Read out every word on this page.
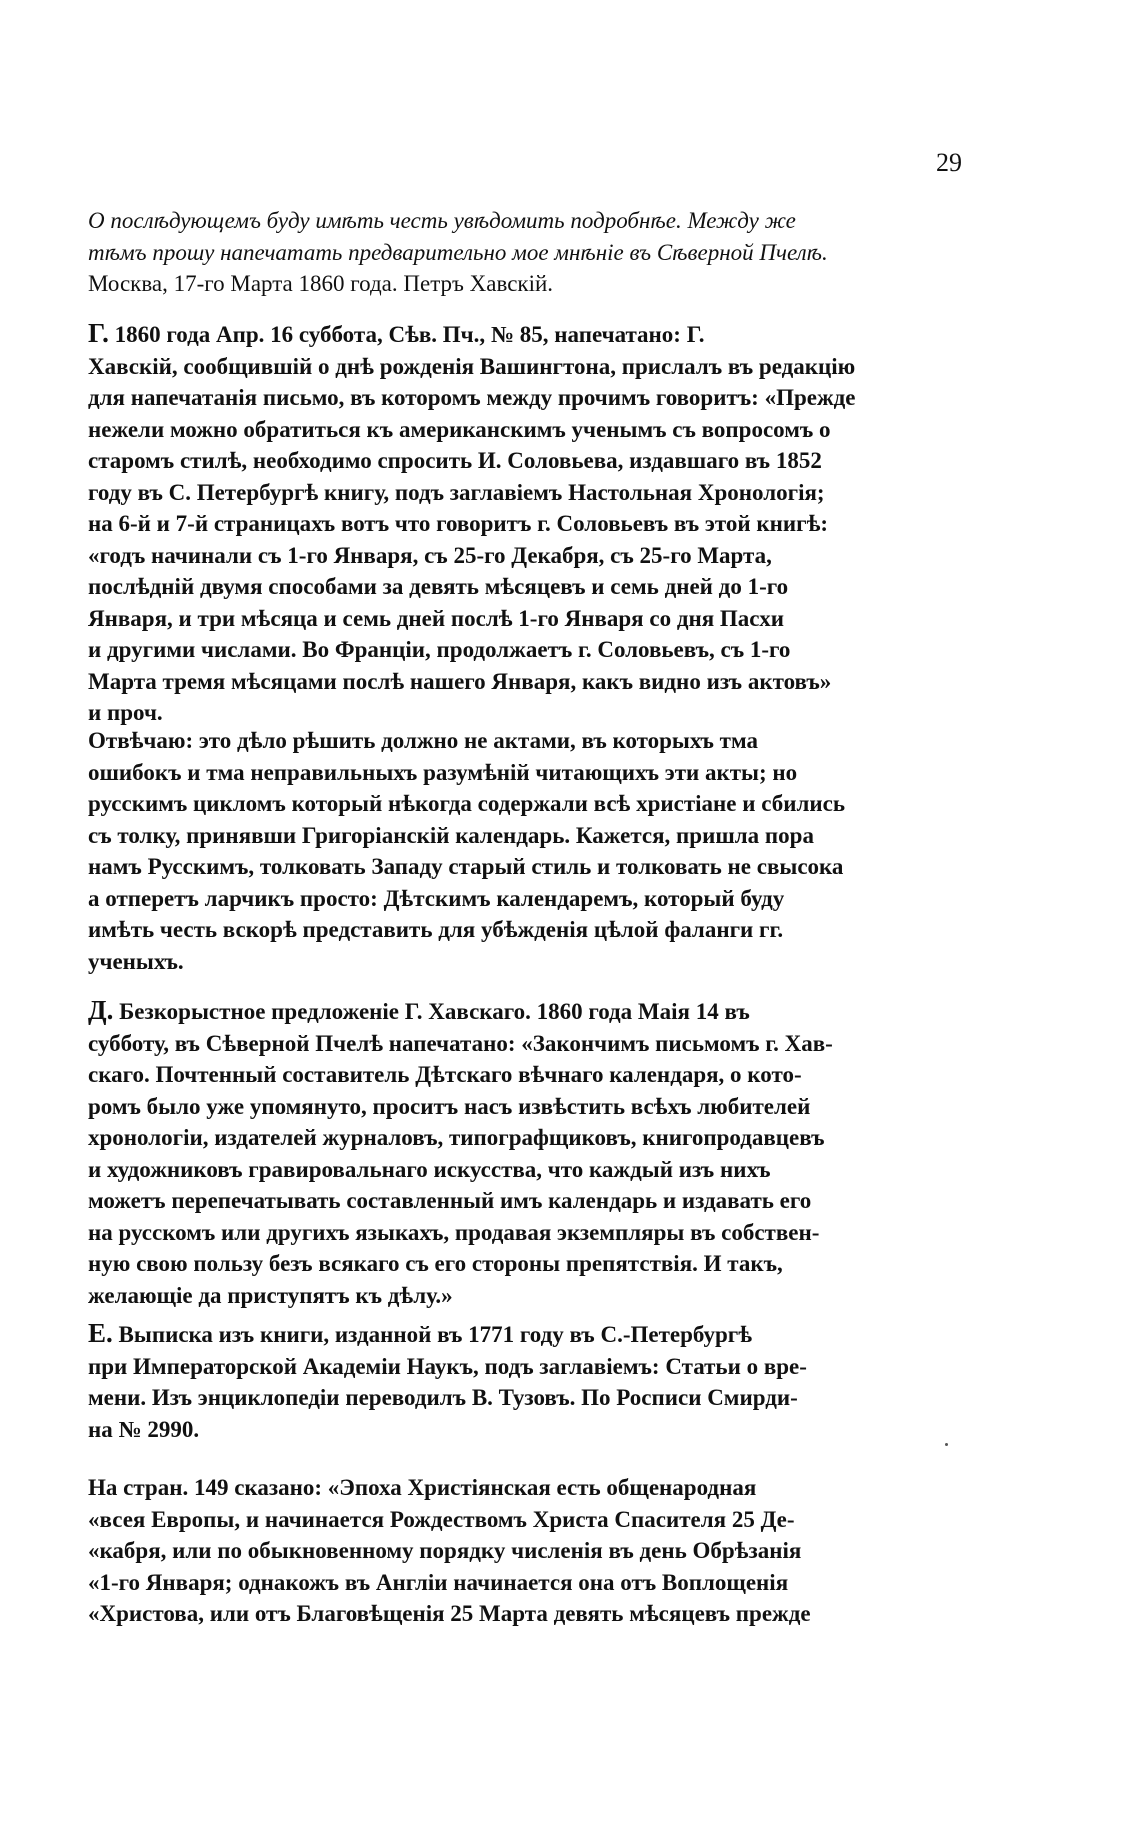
29
О послѣдующемъ буду имѣть честь увѣдомить подробнѣе. Между же
тѣмъ прошу напечатать предварительно мое мнѣніе въ Сѣверной Пчелѣ.
Москва, 17-го Марта 1860 года. Петръ Хавскій.
Г. 1860 года Апр. 16 суббота, Сѣв. Пч., № 85, напечатано: Г.
Хавскій, сообщившій о днѣ рожденія Вашингтона, прислалъ въ редакцію
для напечатанія письмо, въ которомъ между прочимъ говоритъ: «Прежде
нежели можно обратиться къ американскимъ ученымъ съ вопросомъ о
старомъ стилѣ, необходимо спросить И. Соловьева, издавшаго въ 1852
году въ С. Петербургѣ книгу, подъ заглавіемъ Настольная Хронологія;
на 6-й и 7-й страницахъ вотъ что говоритъ г. Соловьевъ въ этой книгѣ:
«годъ начинали съ 1-го Января, съ 25-го Декабря, съ 25-го Марта,
послѣдній двумя способами за девять мѣсяцевъ и семь дней до 1-го
Января, и три мѣсяца и семь дней послѣ 1-го Января со дня Пасхи
и другими числами. Во Франціи, продолжаетъ г. Соловьевъ, съ 1-го
Марта тремя мѣсяцами послѣ нашего Января, какъ видно изъ актовъ»
и проч.
Отвѣчаю: это дѣло рѣшить должно не актами, въ которыхъ тма
ошибокъ и тма неправильныхъ разумѣній читающихъ эти акты; но
русскимъ цикломъ который нѣкогда содержали всѣ христіане и сбились
съ толку, принявши Григоріанскій календарь. Кажется, пришла пора
намъ Русскимъ, толковать Западу старый стиль и толковать не свысока
а отперетъ ларчикъ просто: Дѣтскимъ календаремъ, который буду
имѣть честь вскорѣ представить для убѣжденія цѣлой фаланги гг.
ученыхъ.
Д. Безкорыстное предложеніе Г. Хавскаго. 1860 года Маія 14 въ
субботу, въ Сѣверной Пчелѣ напечатано: «Закончимъ письмомъ г. Хав-
скаго. Почтенный составитель Дѣтскаго вѣчнаго календаря, о кото-
ромъ было уже упомянуто, проситъ насъ извѣстить всѣхъ любителей
хронологіи, издателей журналовъ, типографщиковъ, книгопродавцевъ
и художниковъ гравировальнаго искусства, что каждый изъ нихъ
можетъ перепечатывать составленный имъ календарь и издавать его
на русскомъ или другихъ языкахъ, продавая экземпляры въ собствен-
ную свою пользу безъ всякаго съ его стороны препятствія. И такъ,
желающіе да приступятъ къ дѣлу.»
Е. Выписка изъ книги, изданной въ 1771 году въ С.-Петербургѣ
при Императорской Академіи Наукъ, подъ заглавіемъ: Статьи о вре-
мени. Изъ энциклопедіи переводилъ В. Тузовъ. По Росписи Смирди-
на № 2990.
На стран. 149 сказано: «Эпоха Христіянская есть общенародная
«всея Европы, и начинается Рождествомъ Христа Спасителя 25 Де-
«кабря, или по обыкновенному порядку численія въ день Обрѣзанія
«1-го Января; однакожъ въ Англіи начинается она отъ Воплощенія
«Христова, или отъ Благовѣщенія 25 Марта девять мѣсяцевъ прежде
